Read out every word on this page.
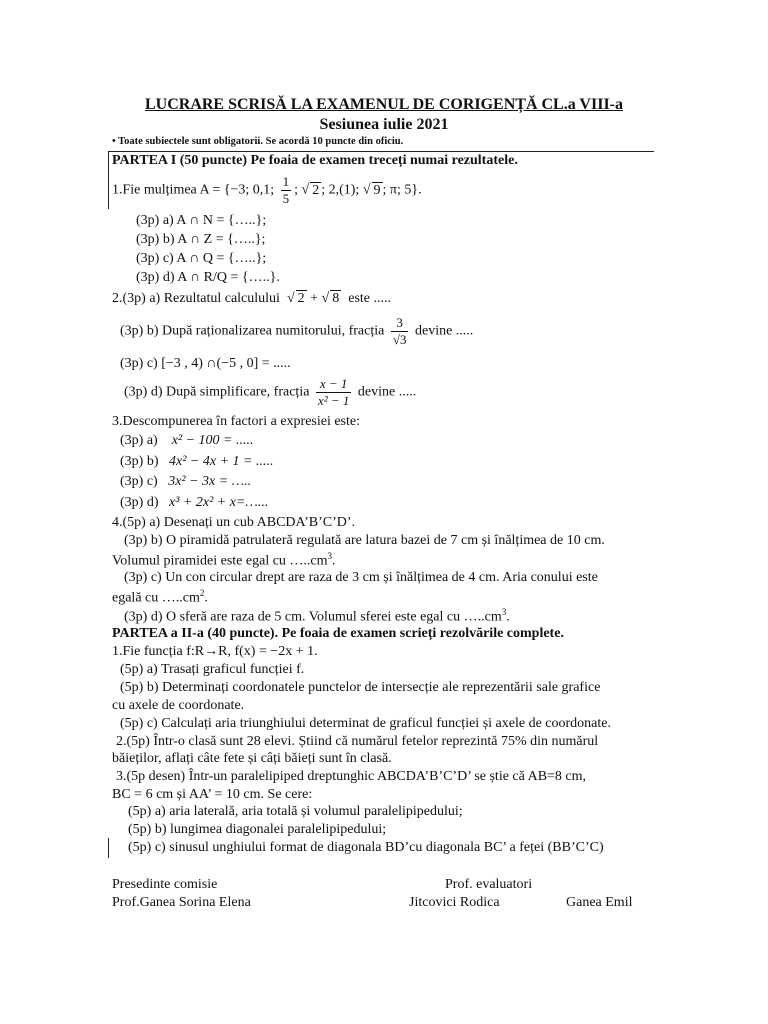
LUCRARE SCRISĂ LA EXAMENUL DE CORIGENȚĂ CL.a VIII-a
Sesiunea iulie 2021
• Toate subiectele sunt obligatorii. Se acordă 10 puncte din oficiu.
PARTEA I (50 puncte) Pe foaia de examen treceți numai rezultatele.
1.Fie mulțimea A = {−3; 0,1; $\frac{1}{5}$ ; √ 2 ; 2,(1); √ 9 ; π; 5}.
(3p) a) A ∩ N = {…..};
(3p) b) A ∩ Z = {…..};
(3p) c) A ∩ Q = {…..};
(3p) d) A ∩ R/Q = {…..}.
2.(3p) a) Rezultatul calculului  √ 2 + √ 8 este .....
(3p) b) După raționalizarea numitorului, fracția $\frac{3}{√3}$ devine .....
(3p) c) [−3 , 4) ∩(−5 , 0] = .....
(3p) d) După simplificare, fracția $\frac{x - 1}{\text{x² − 1}}$ devine .....
3.Descompunerea în factori a expresiei este:
(3p) a) x² − 100 = .....
(3p) b) 4x² − 4x + 1 = .....
(3p) c) 3x² − 3x = …..
(3p) d) x³ + 2x² + x=…...
4.(5p) a) Desenați un cub ABCDA’B’C’D’.
(3p) b) O piramidă patrulateră regulată are latura bazei de 7 cm și înălțimea de 10 cm.
Volumul piramidei este egal cu $\dots..cm^3$.
(3p) c) Un con circular drept are raza de 3 cm și înălțimea de 4 cm. Aria conului este
egală cu $\dots..cm^2$.
(3p) d) O sferă are raza de 5 cm. Volumul sferei este egal cu $\dots..cm^3$.
PARTEA a II-a (40 puncte). Pe foaia de examen scrieți rezolvările complete.
1.Fie funcția f:R→R, f(x) = −2x + 1.
(5p) a) Trasați graficul funcției f.
(5p) b) Determinați coordonatele punctelor de intersecție ale reprezentării sale grafice
cu axele de coordonate.
(5p) c) Calculați aria triunghiului determinat de graficul funcției și axele de coordonate.
2.(5p) Într-o clasă sunt 28 elevi. Știind că numărul fetelor reprezintă 75% din numărul
băieților, aflați câte fete și câți băieți sunt în clasă.
3.(5p desen) Într-un paralelipiped dreptunghic ABCDA’B’C’D’ se știe că AB=8 cm,
BC = 6 cm și AA’ = 10 cm. Se cere:
(5p) a) aria laterală, aria totală și volumul paralelipipedului;
(5p) b) lungimea diagonalei paralelipipedului;
(5p) c) sinusul unghiului format de diagonala BD’cu diagonala BC’ a feței (BB’C’C)
Presedinte comisie
Prof.Ganea Sorina Elena
Prof. evaluatori
Jitcovici Rodica	Ganea Emil
